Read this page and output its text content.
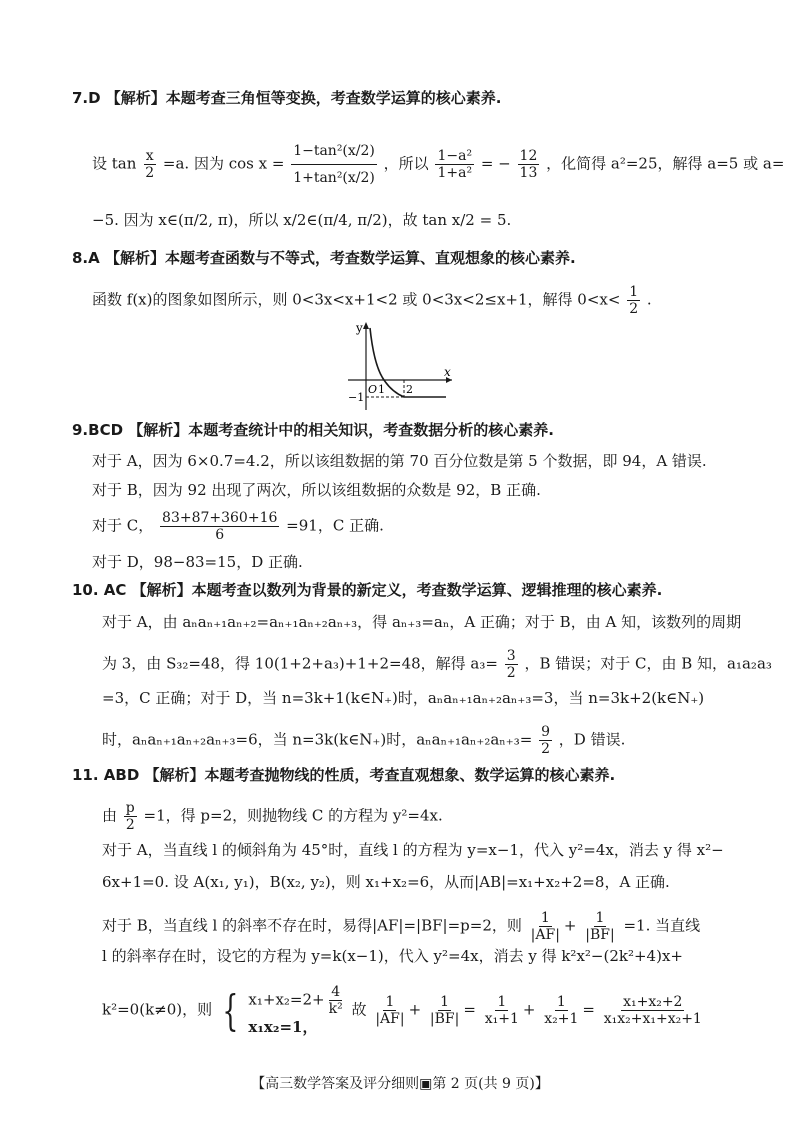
7.D 【解析】本题考查三角恒等变换，考查数学运算的核心素养.
设 $\tan \frac{x}{2} =a$. 因为 $\cos x = \frac{\text{1−tan²(x/2)}}{\text{1+tan²(x/2)}}$ ，所以 $\frac{\text{1−a²}}{\text{1+a²}}$ = − $\frac{12}{13}$ ，化简得 a²=25，解得 a=5 或 a=
−5. 因为 x∈(π/2, π)，所以 x/2∈(π/4, π/2)，故 tan x/2 = 5.
8.A 【解析】本题考查函数与不等式，考查数学运算、直观想象的核心素养.
函数 f(x)的图象如图所示，则 0<3x<x+1<2 或 0<3x<2≤x+1，解得 $0<x< \frac{1}{2}$ .
y
x
O 1 2
−1
9.BCD 【解析】本题考查统计中的相关知识，考查数据分析的核心素养.
对于 A，因为 6×0.7=4.2，所以该组数据的第 70 百分位数是第 5 个数据，即 94，A 错误.
对于 B，因为 92 出现了两次，所以该组数据的众数是 92，B 正确.
对于 C， $\frac{83+87+360+16}{6} =91$，C 正确.
对于 D，98−83=15，D 正确.
10. AC 【解析】本题考查以数列为背景的新定义，考查数学运算、逻辑推理的核心素养.
对于 A，由 aₙaₙ₊₁aₙ₊₂=aₙ₊₁aₙ₊₂aₙ₊₃，得 aₙ₊₃=aₙ，A 正确；对于 B，由 A 知，该数列的周期
为 3，由 S₃₂=48，得 10(1+2+a₃)+1+2=48，解得 $a_3= \frac{3}{2}$ ，B 错误；对于 C，由 B 知，a₁a₂a₃
=3，C 正确；对于 D，当 n=3k+1(k∈N₊)时，aₙaₙ₊₁aₙ₊₂aₙ₊₃=3，当 n=3k+2(k∈N₊)
时，aₙaₙ₊₁aₙ₊₂aₙ₊₃=6，当 n=3k(k∈N₊)时，$a_na_{n+1}a_{n+2}a_{n+3}= \frac{9}{2}$ ，D 错误.
11. ABD 【解析】本题考查抛物线的性质，考查直观想象、数学运算的核心素养.
由 $\frac{p}{2} =1$，得 p=2，则抛物线 C 的方程为 y²=4x.
对于 A，当直线 l 的倾斜角为 45°时，直线 l 的方程为 y=x−1，代入 y²=4x，消去 y 得 x²−
6x+1=0. 设 A(x₁, y₁)，B(x₂, y₂)，则 x₁+x₂=6，从而|AB|=x₁+x₂+2=8，A 正确.
对于 B，当直线 l 的斜率不存在时，易得|AF|=|BF|=p=2，则 $\frac{1}{|AF|} + \frac{1}{|BF|} =1$. 当直线
l 的斜率存在时，设它的方程为 y=k(x−1)，代入 y²=4x，消去 y 得 k²x²−(2k²+4)x+
k²=0(k≠0)，则 { $x_1+x_2=2+ \frac{4}{\text{k²}}$
x₁x₂=1，
故 $\frac{1}{|AF|} + \frac{1}{|BF|} = \frac{1}{\text{x₁+1}} + \frac{1}{\text{x₂+1}} = \frac{\text{x₁+x₂+2}}{\text{x₁x₂+x₁+x₂+1}}$
【高三数学答案及评分细则▣第 2 页(共 9 页)】
